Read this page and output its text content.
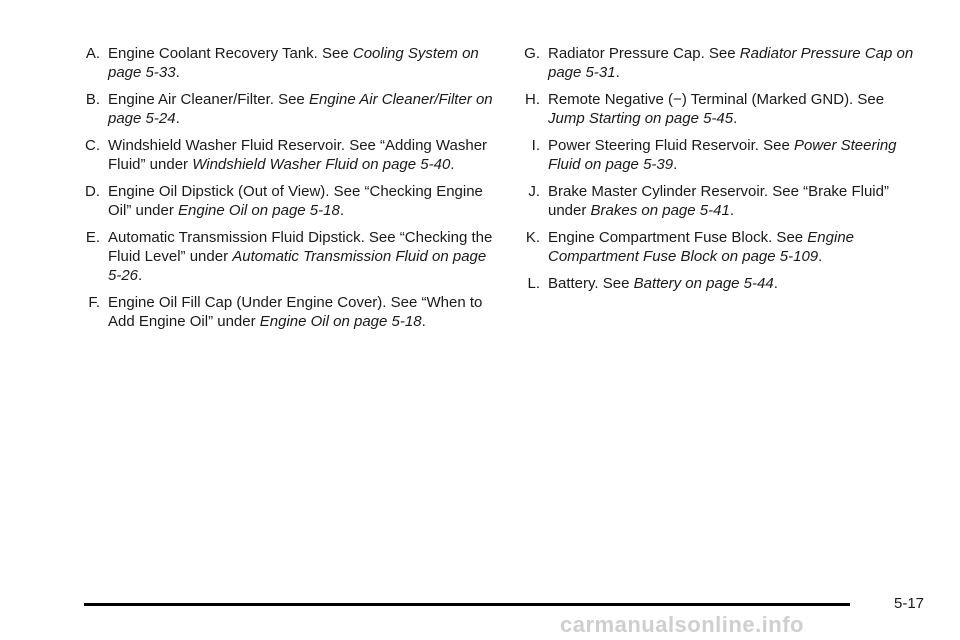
A. Engine Coolant Recovery Tank. See Cooling System on page 5-33.
B. Engine Air Cleaner/Filter. See Engine Air Cleaner/Filter on page 5-24.
C. Windshield Washer Fluid Reservoir. See “Adding Washer Fluid” under Windshield Washer Fluid on page 5-40.
D. Engine Oil Dipstick (Out of View). See “Checking Engine Oil” under Engine Oil on page 5-18.
E. Automatic Transmission Fluid Dipstick. See “Checking the Fluid Level” under Automatic Transmission Fluid on page 5-26.
F. Engine Oil Fill Cap (Under Engine Cover). See “When to Add Engine Oil” under Engine Oil on page 5-18.
G. Radiator Pressure Cap. See Radiator Pressure Cap on page 5-31.
H. Remote Negative (−) Terminal (Marked GND). See Jump Starting on page 5-45.
I. Power Steering Fluid Reservoir. See Power Steering Fluid on page 5-39.
J. Brake Master Cylinder Reservoir. See “Brake Fluid” under Brakes on page 5-41.
K. Engine Compartment Fuse Block. See Engine Compartment Fuse Block on page 5-109.
L. Battery. See Battery on page 5-44.
5-17
carmanualsonline.info
